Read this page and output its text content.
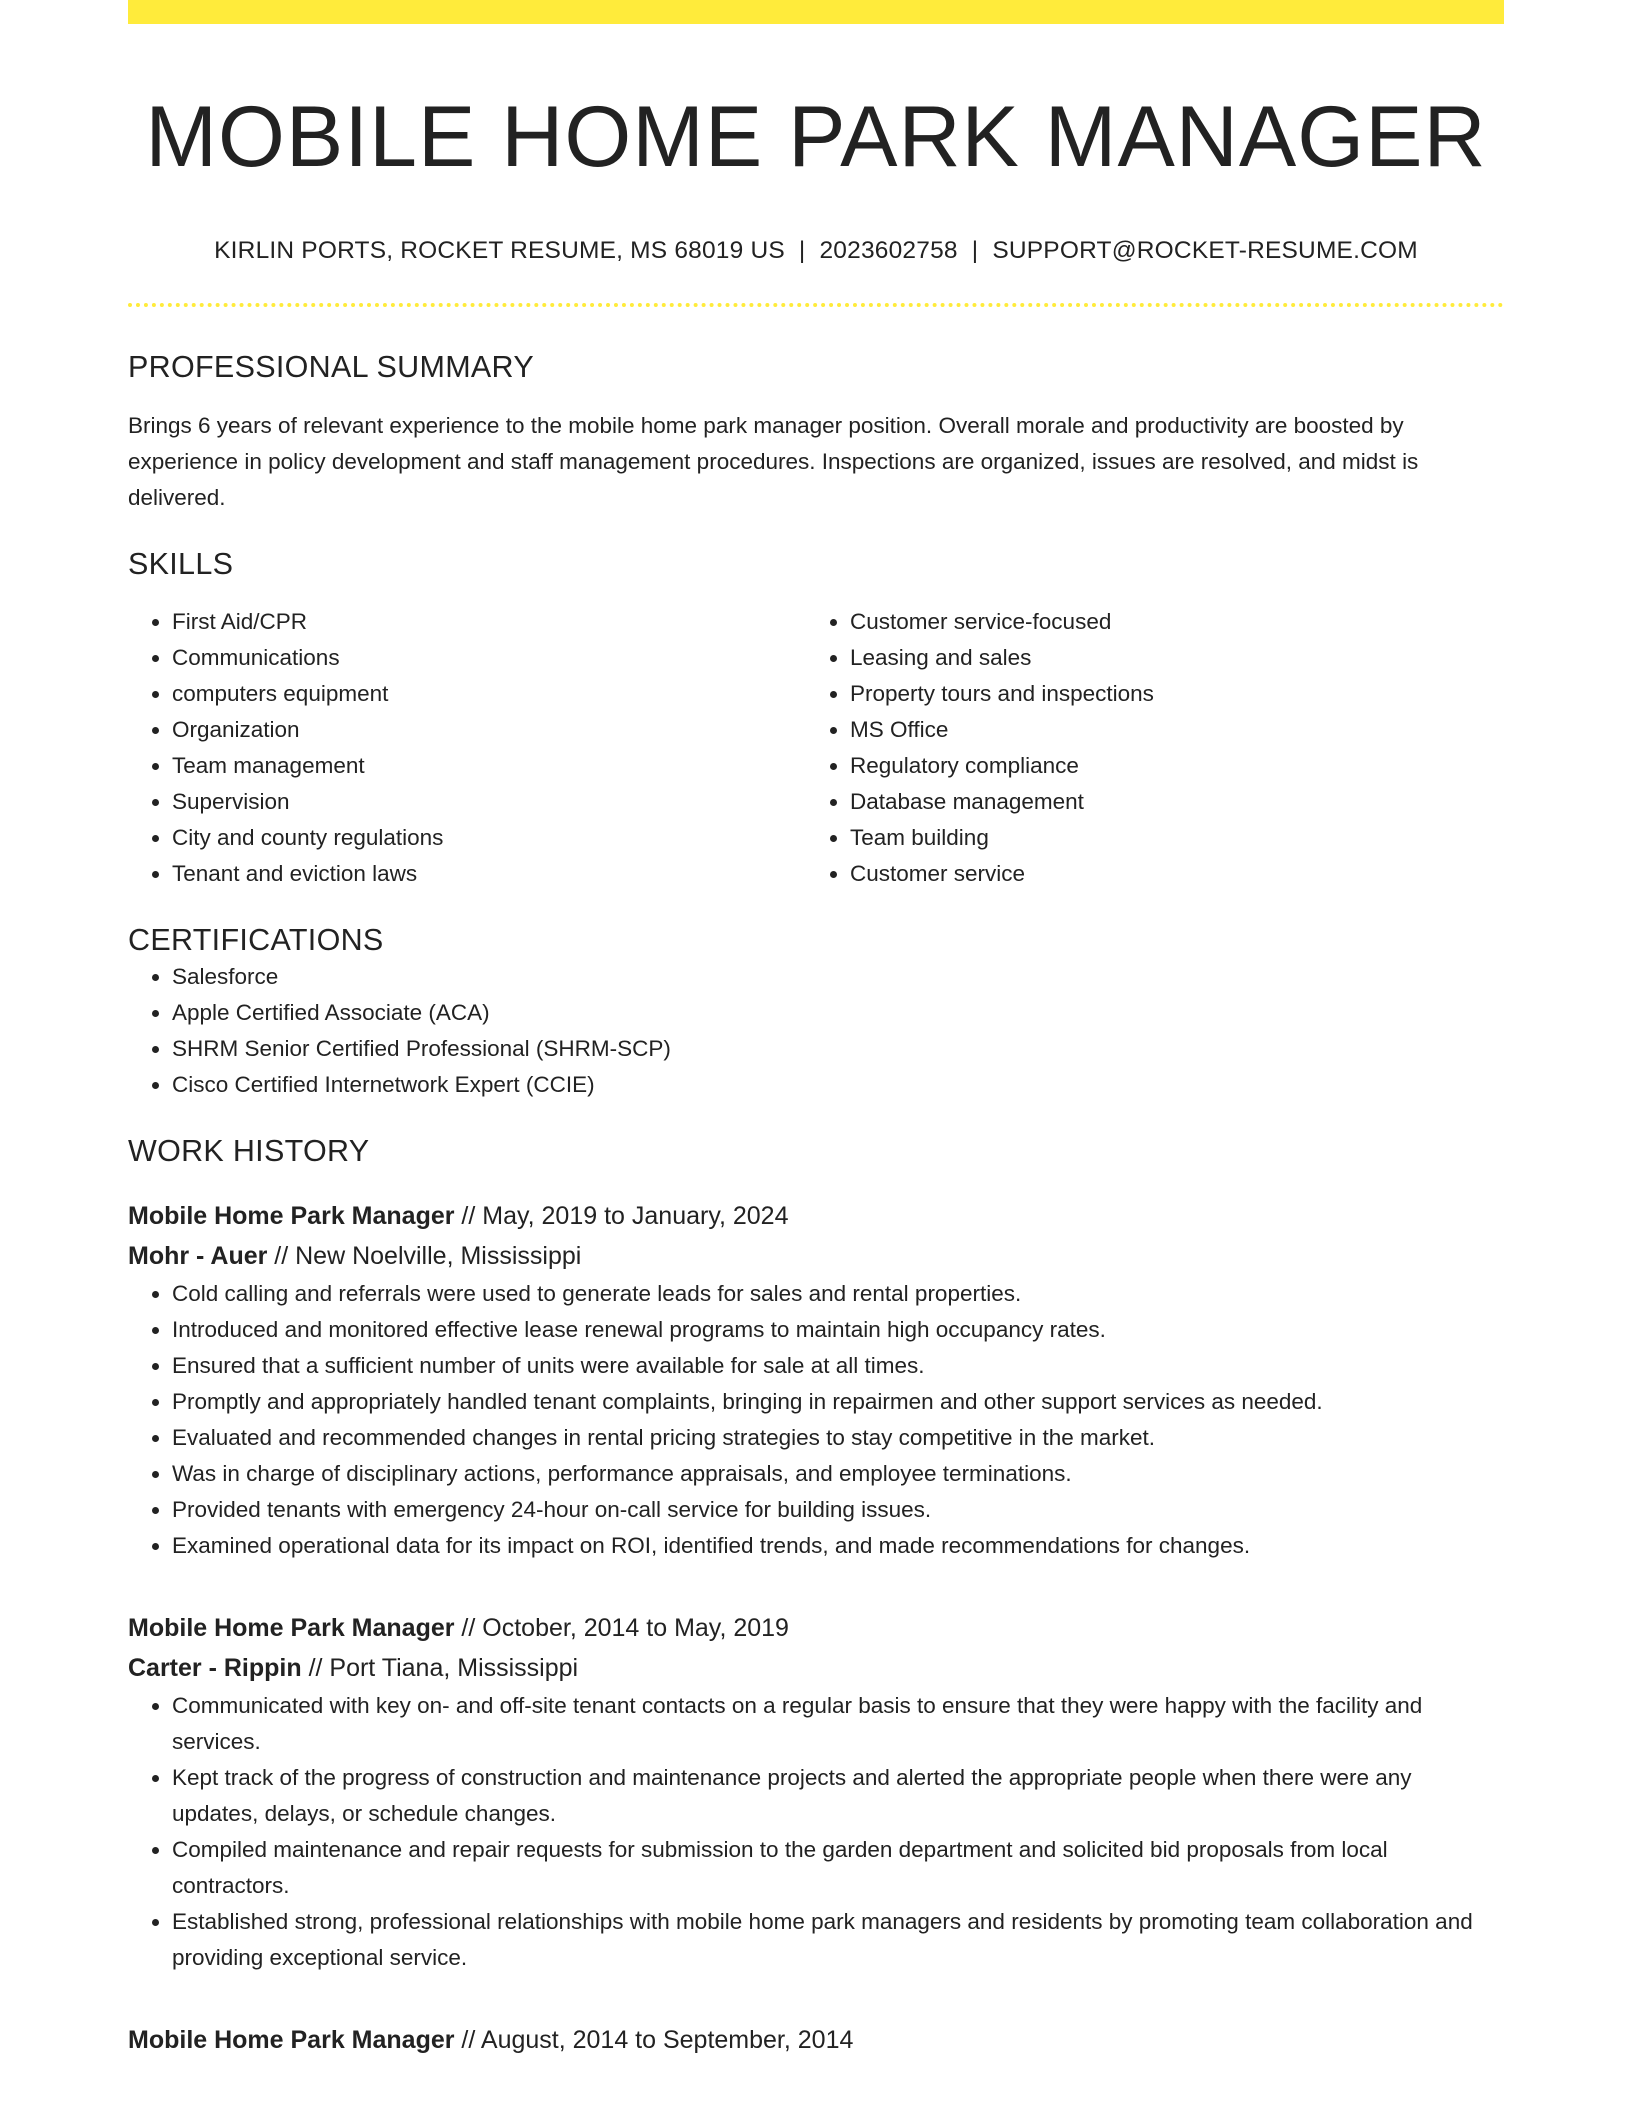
MOBILE HOME PARK MANAGER
KIRLIN PORTS, ROCKET RESUME, MS 68019 US | 2023602758 | SUPPORT@ROCKET-RESUME.COM
PROFESSIONAL SUMMARY
Brings 6 years of relevant experience to the mobile home park manager position. Overall morale and productivity are boosted by experience in policy development and staff management procedures. Inspections are organized, issues are resolved, and midst is delivered.
SKILLS
• First Aid/CPR
• Communications
• computers equipment
• Organization
• Team management
• Supervision
• City and county regulations
• Tenant and eviction laws
• Customer service-focused
• Leasing and sales
• Property tours and inspections
• MS Office
• Regulatory compliance
• Database management
• Team building
• Customer service
CERTIFICATIONS
• Salesforce
• Apple Certified Associate (ACA)
• SHRM Senior Certified Professional (SHRM-SCP)
• Cisco Certified Internetwork Expert (CCIE)
WORK HISTORY
Mobile Home Park Manager // May, 2019 to January, 2024
Mohr - Auer // New Noelville, Mississippi
• Cold calling and referrals were used to generate leads for sales and rental properties.
• Introduced and monitored effective lease renewal programs to maintain high occupancy rates.
• Ensured that a sufficient number of units were available for sale at all times.
• Promptly and appropriately handled tenant complaints, bringing in repairmen and other support services as needed.
• Evaluated and recommended changes in rental pricing strategies to stay competitive in the market.
• Was in charge of disciplinary actions, performance appraisals, and employee terminations.
• Provided tenants with emergency 24-hour on-call service for building issues.
• Examined operational data for its impact on ROI, identified trends, and made recommendations for changes.
Mobile Home Park Manager // October, 2014 to May, 2019
Carter - Rippin // Port Tiana, Mississippi
• Communicated with key on- and off-site tenant contacts on a regular basis to ensure that they were happy with the facility and services.
• Kept track of the progress of construction and maintenance projects and alerted the appropriate people when there were any updates, delays, or schedule changes.
• Compiled maintenance and repair requests for submission to the garden department and solicited bid proposals from local contractors.
• Established strong, professional relationships with mobile home park managers and residents by promoting team collaboration and providing exceptional service.
Mobile Home Park Manager // August, 2014 to September, 2014
